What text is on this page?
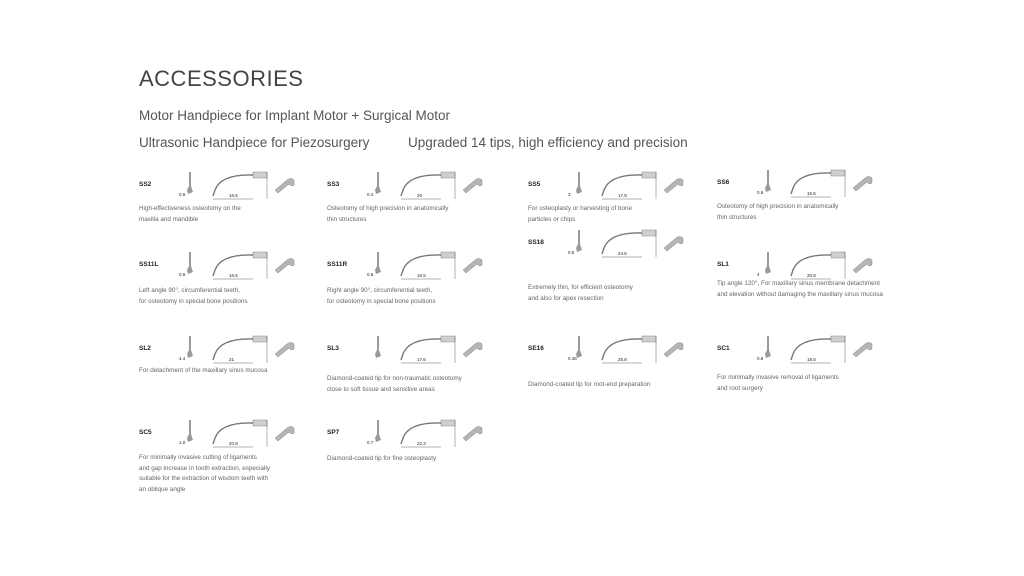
ACCESSORIES
Motor Handpiece for Implant Motor + Surgical Motor
Ultrasonic Handpiece for Piezosurgery	Upgraded 14 tips, high efficiency and precision
SS2
0.6	16.5
High-effectiveness osteotomy on the
maxilla and mandible
SS3
0.4	20
Osteotomy of high precision in anatomically
thin structures
SS5
3	17.8
For osteoplasty or harvesting of bone
particles or chips
SS6
0.6	16.5
Osteotomy of high precision in anatomically
thin structures
SS11L
0.6	16.5
Left angle 90°, circumferential teeth,
for osteotomy in special bone positions
SS11R
0.6	16.5
Right angle 90°, circumferential teeth,
for osteotomy in special bone positions
SS18
0.5	24.6
Extremely thin, for efficient osteotomy
and also for apex resection
SL1
4	20.8
Tip angle 120°, For maxillary sinus membrane detachment
and elevation without damaging the maxillary sinus mucosa
SL2
4.4	21
For detachment of the maxillary sinus mucosa
SL3
17.6
Diamond-coated tip for non-traumatic osteotomy
close to soft tissue and sensitive areas
SE16
0.45	25.8
Diamond-coated tip for root-end preparation
SC1
0.8	18.5
For minimally invasive removal of ligaments
and root surgery
SC5
1.0	20.8
For minimally invasive cutting of ligaments
and gap increase in tooth extraction, especially
suitable for the extraction of wisdom teeth with
an oblique angle
SP7
0.7	22.3
Diamond-coated tip for fine osteoplasty
